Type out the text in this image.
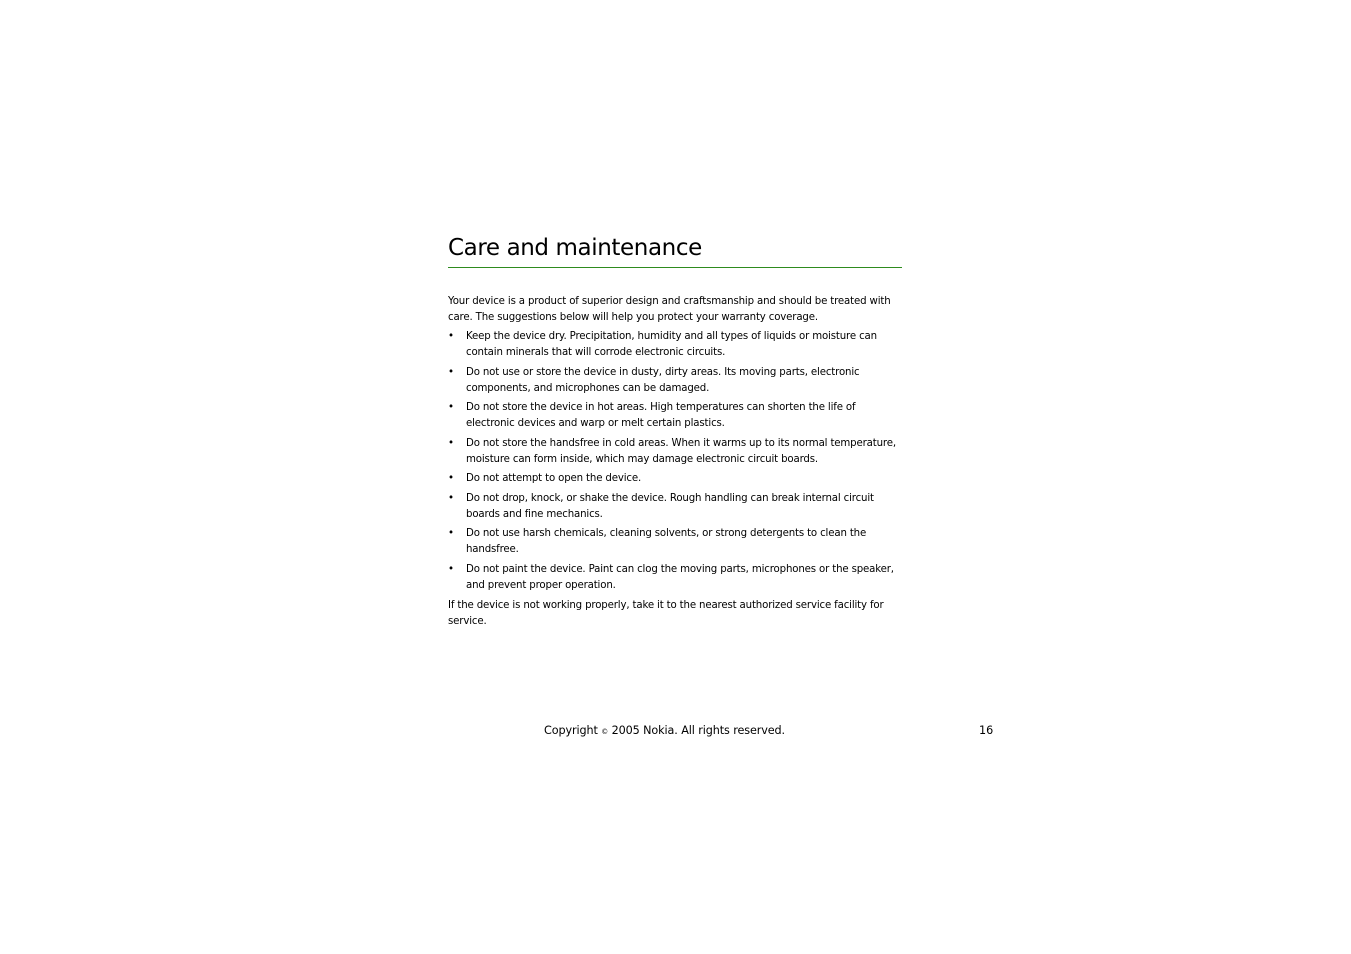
Care and maintenance

Your device is a product of superior design and craftsmanship and should be treated with care. The suggestions below will help you protect your warranty coverage.

• Keep the device dry. Precipitation, humidity and all types of liquids or moisture can contain minerals that will corrode electronic circuits.
• Do not use or store the device in dusty, dirty areas. Its moving parts, electronic components, and microphones can be damaged.
• Do not store the device in hot areas. High temperatures can shorten the life of electronic devices and warp or melt certain plastics.
• Do not store the handsfree in cold areas. When it warms up to its normal temperature, moisture can form inside, which may damage electronic circuit boards.
• Do not attempt to open the device.
• Do not drop, knock, or shake the device. Rough handling can break internal circuit boards and fine mechanics.
• Do not use harsh chemicals, cleaning solvents, or strong detergents to clean the handsfree.
• Do not paint the device. Paint can clog the moving parts, microphones or the speaker, and prevent proper operation.

If the device is not working properly, take it to the nearest authorized service facility for service.

Copyright © 2005 Nokia. All rights reserved.	16
